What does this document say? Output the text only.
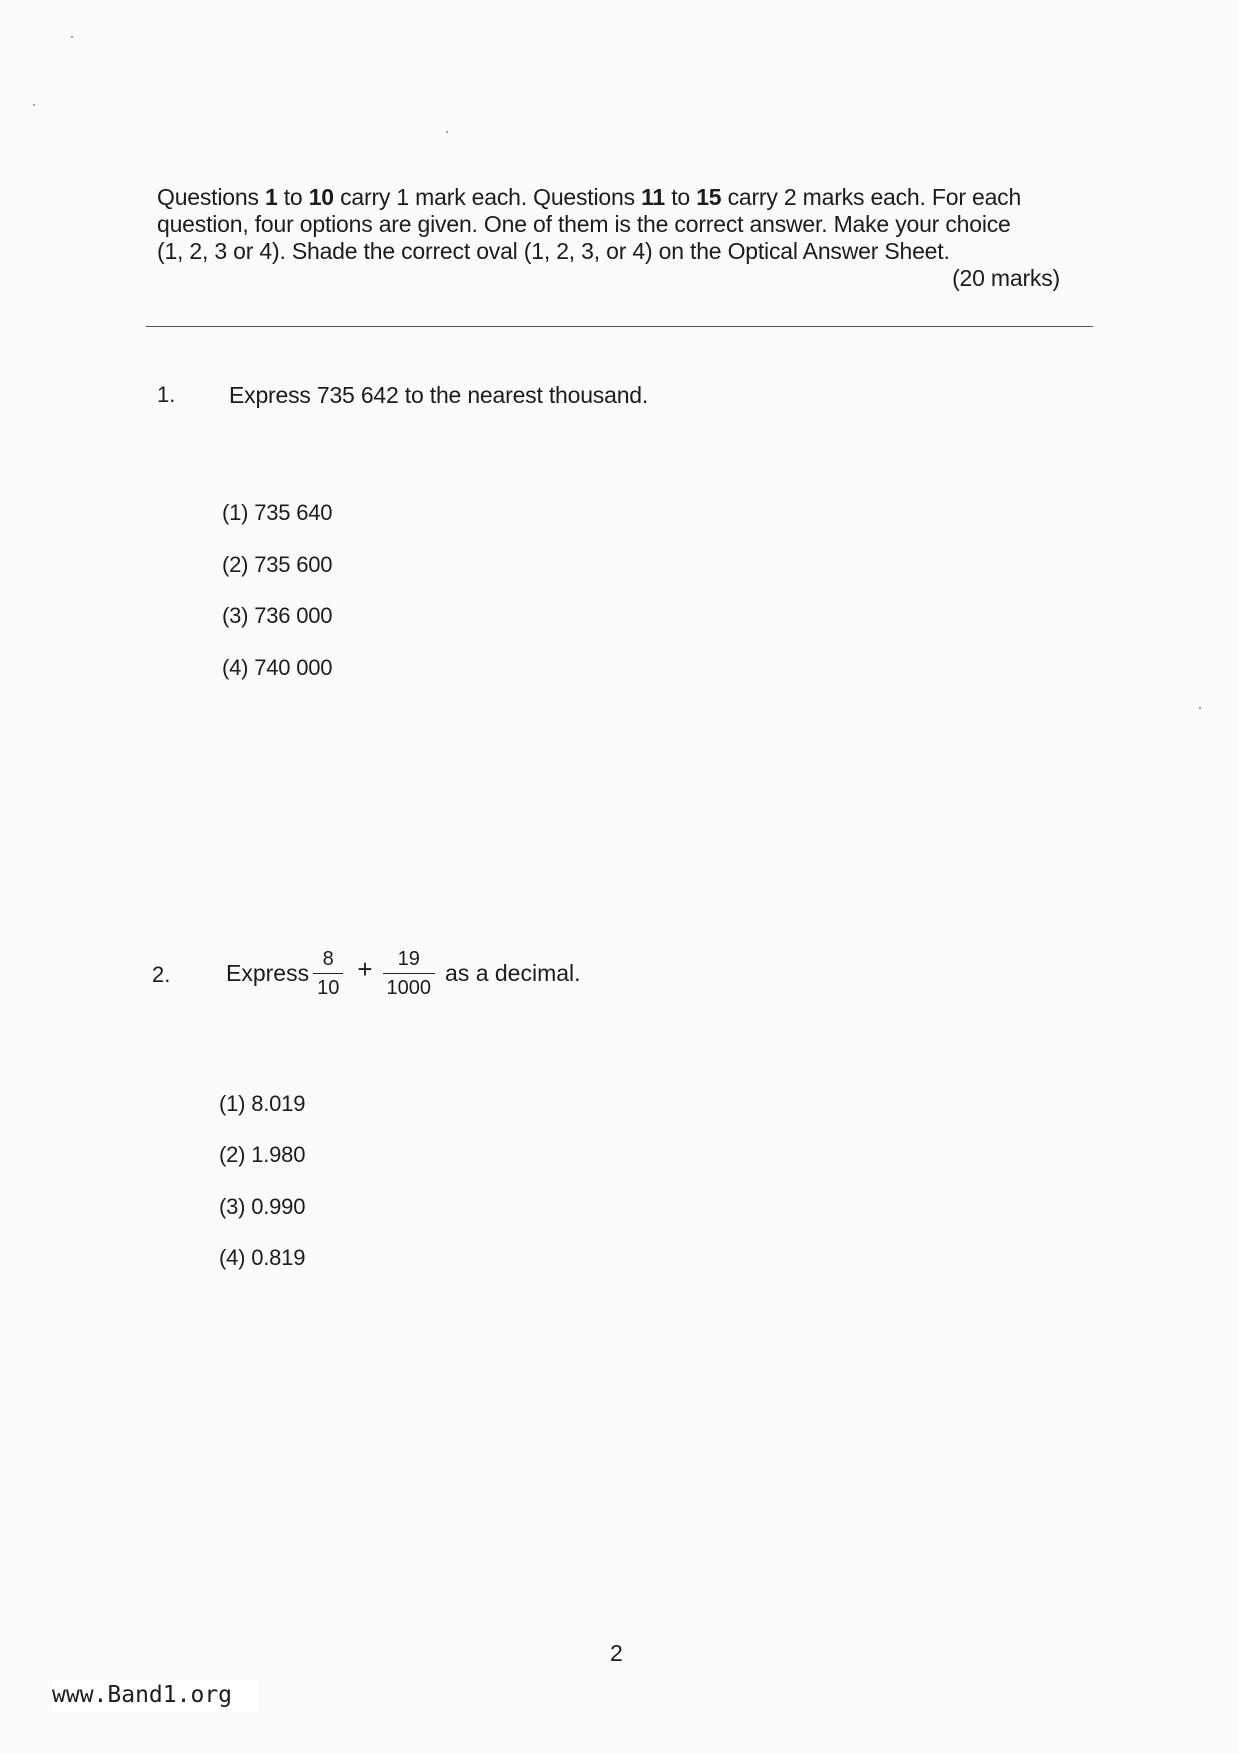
Questions 1 to 10 carry 1 mark each. Questions 11 to 15 carry 2 marks each. For each
question, four options are given. One of them is the correct answer. Make your choice
(1, 2, 3 or 4). Shade the correct oval (1, 2, 3, or 4) on the Optical Answer Sheet.
(20 marks)
1. Express 735 642 to the nearest thousand.
(1) 735 640
(2) 735 600
(3) 736 000
(4) 740 000
2. Express $\frac{8}{10} + \frac{19}{1000}$ as a decimal.
(1) 8.019
(2) 1.980
(3) 0.990
(4) 0.819
2
www.Band1.org
